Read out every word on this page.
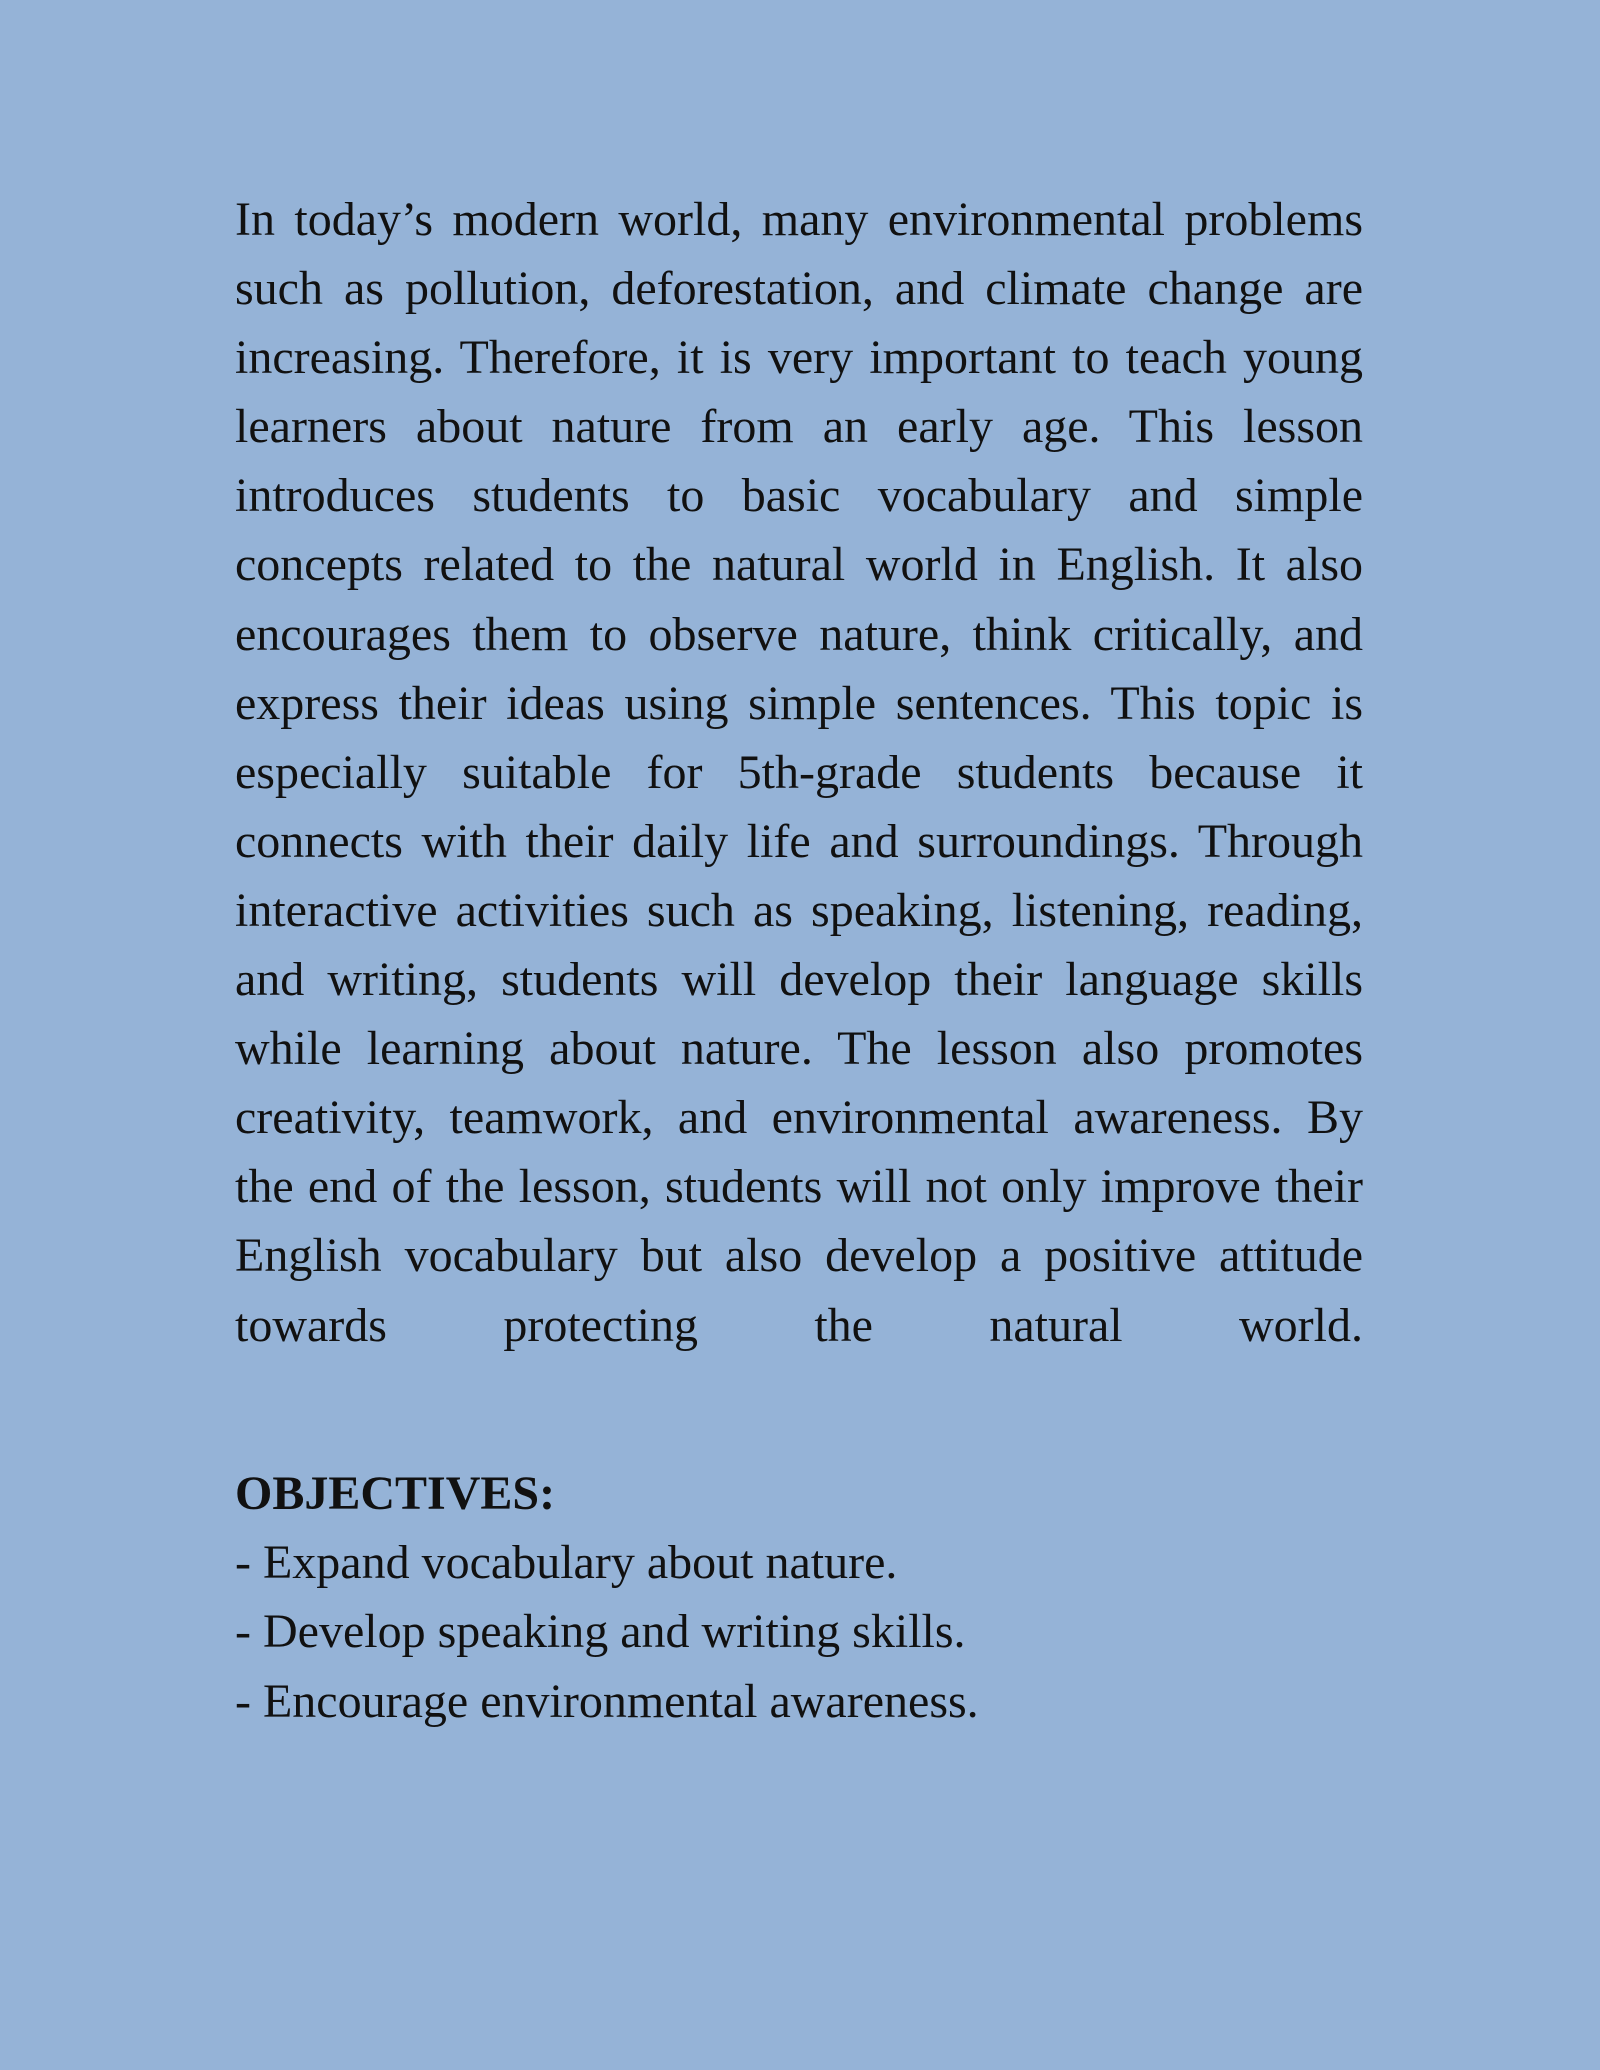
In today’s modern world, many environmental problems such as pollution, deforestation, and climate change are increasing. Therefore, it is very important to teach young learners about nature from an early age. This lesson introduces students to basic vocabulary and simple concepts related to the natural world in English. It also encourages them to observe nature, think critically, and express their ideas using simple sentences. This topic is especially suitable for 5th-grade students because it connects with their daily life and surroundings. Through interactive activities such as speaking, listening, reading, and writing, students will develop their language skills while learning about nature. The lesson also promotes creativity, teamwork, and environmental awareness. By the end of the lesson, students will not only improve their English vocabulary but also develop a positive attitude towards protecting the natural world.

OBJECTIVES:

- Expand vocabulary about nature.
- Develop speaking and writing skills.
- Encourage environmental awareness.
